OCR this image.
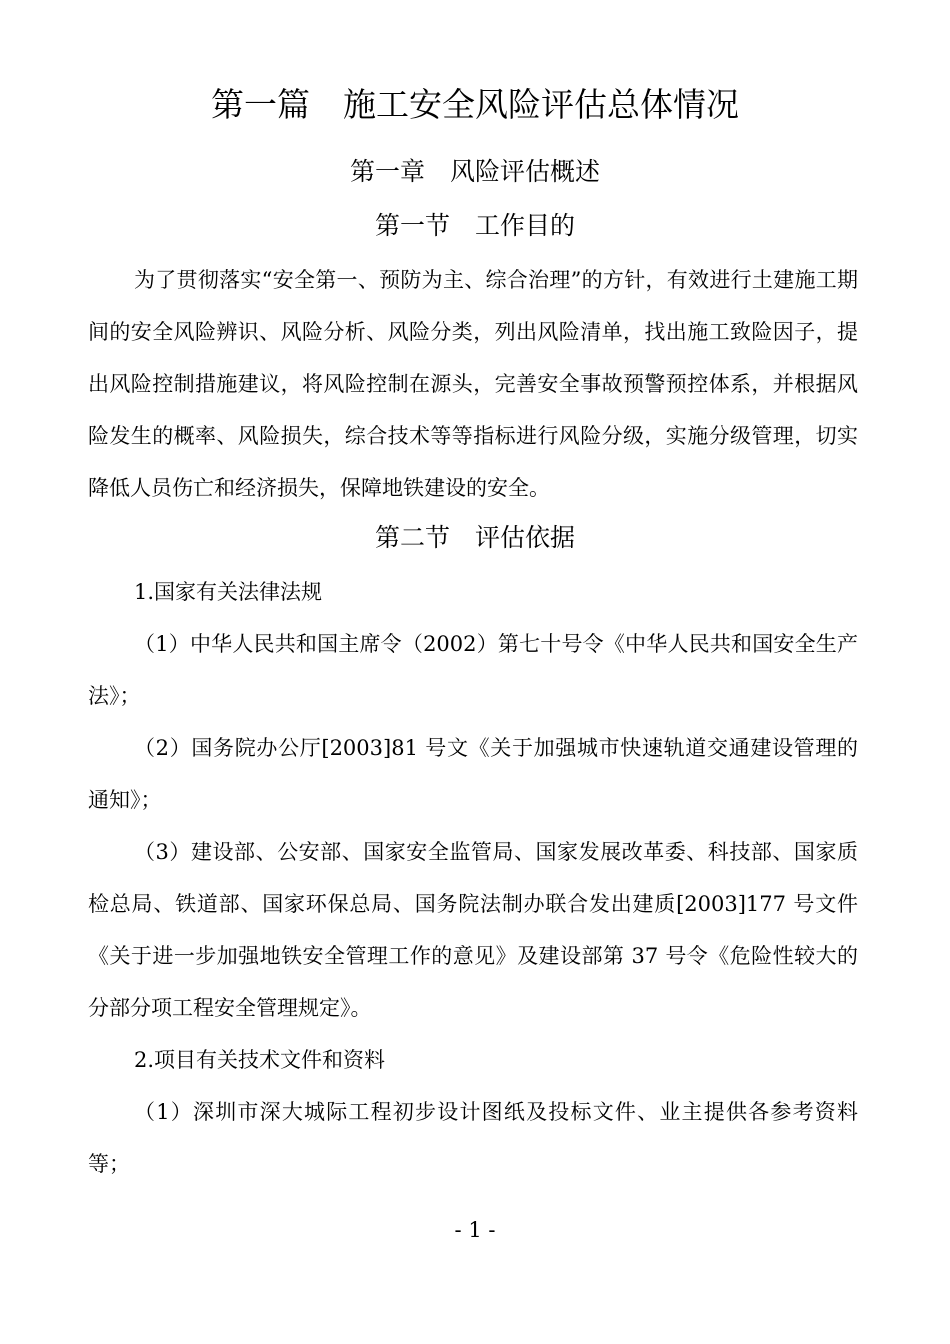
第一篇　施工安全风险评估总体情况
第一章　风险评估概述
第一节　工作目的
为了贯彻落实“安全第一、预防为主、综合治理”的方针，有效进行土建施工期间的安全风险辨识、风险分析、风险分类，列出风险清单，找出施工致险因子，提出风险控制措施建议，将风险控制在源头，完善安全事故预警预控体系，并根据风险发生的概率、风险损失，综合技术等等指标进行风险分级，实施分级管理，切实降低人员伤亡和经济损失，保障地铁建设的安全。
第二节　评估依据
1.国家有关法律法规
（1）中华人民共和国主席令（2002）第七十号令《中华人民共和国安全生产法》；
（2）国务院办公厅[2003]81 号文《关于加强城市快速轨道交通建设管理的通知》；
（3）建设部、公安部、国家安全监管局、国家发展改革委、科技部、国家质检总局、铁道部、国家环保总局、国务院法制办联合发出建质[2003]177 号文件《关于进一步加强地铁安全管理工作的意见》及建设部第 37 号令《危险性较大的分部分项工程安全管理规定》。
2.项目有关技术文件和资料
（1）深圳市深大城际工程初步设计图纸及投标文件、业主提供各参考资料等；
- 1 -
